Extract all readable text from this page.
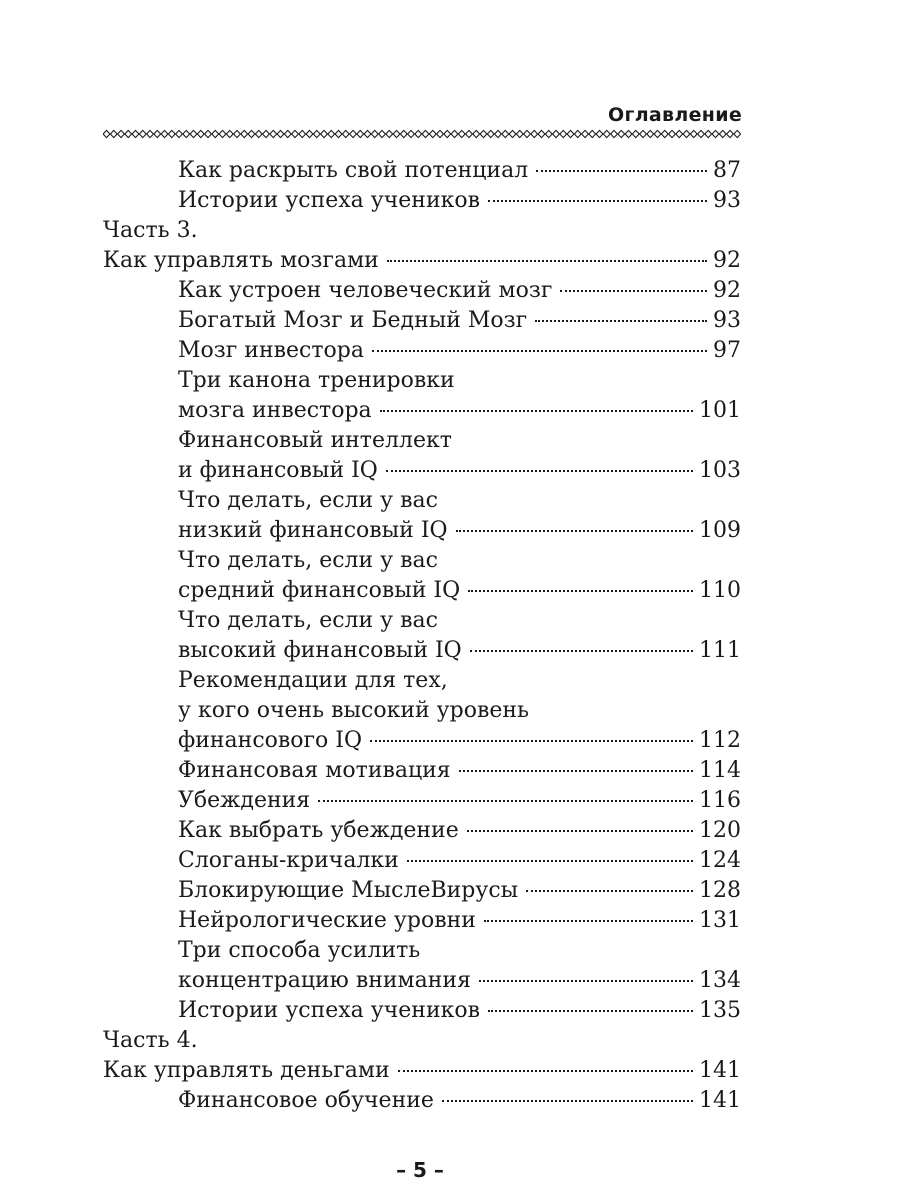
Оглавление
Как раскрыть свой потенциал	87
Истории успеха учеников	93
Часть 3.
Как управлять мозгами	92
Как устроен человеческий мозг	92
Богатый Мозг и Бедный Мозг	93
Мозг инвестора	97
Три канона тренировки
мозга инвестора	101
Финансовый интеллект
и финансовый IQ	103
Что делать, если у вас
низкий финансовый IQ	109
Что делать, если у вас
средний финансовый IQ	110
Что делать, если у вас
высокий финансовый IQ	111
Рекомендации для тех,
у кого очень высокий уровень
финансового IQ	112
Финансовая мотивация	114
Убеждения	116
Как выбрать убеждение	120
Слоганы-кричалки	124
Блокирующие МыслеВирусы	128
Нейрологические уровни	131
Три способа усилить
концентрацию внимания	134
Истории успеха учеников	135
Часть 4.
Как управлять деньгами	141
Финансовое обучение	141
– 5 –
